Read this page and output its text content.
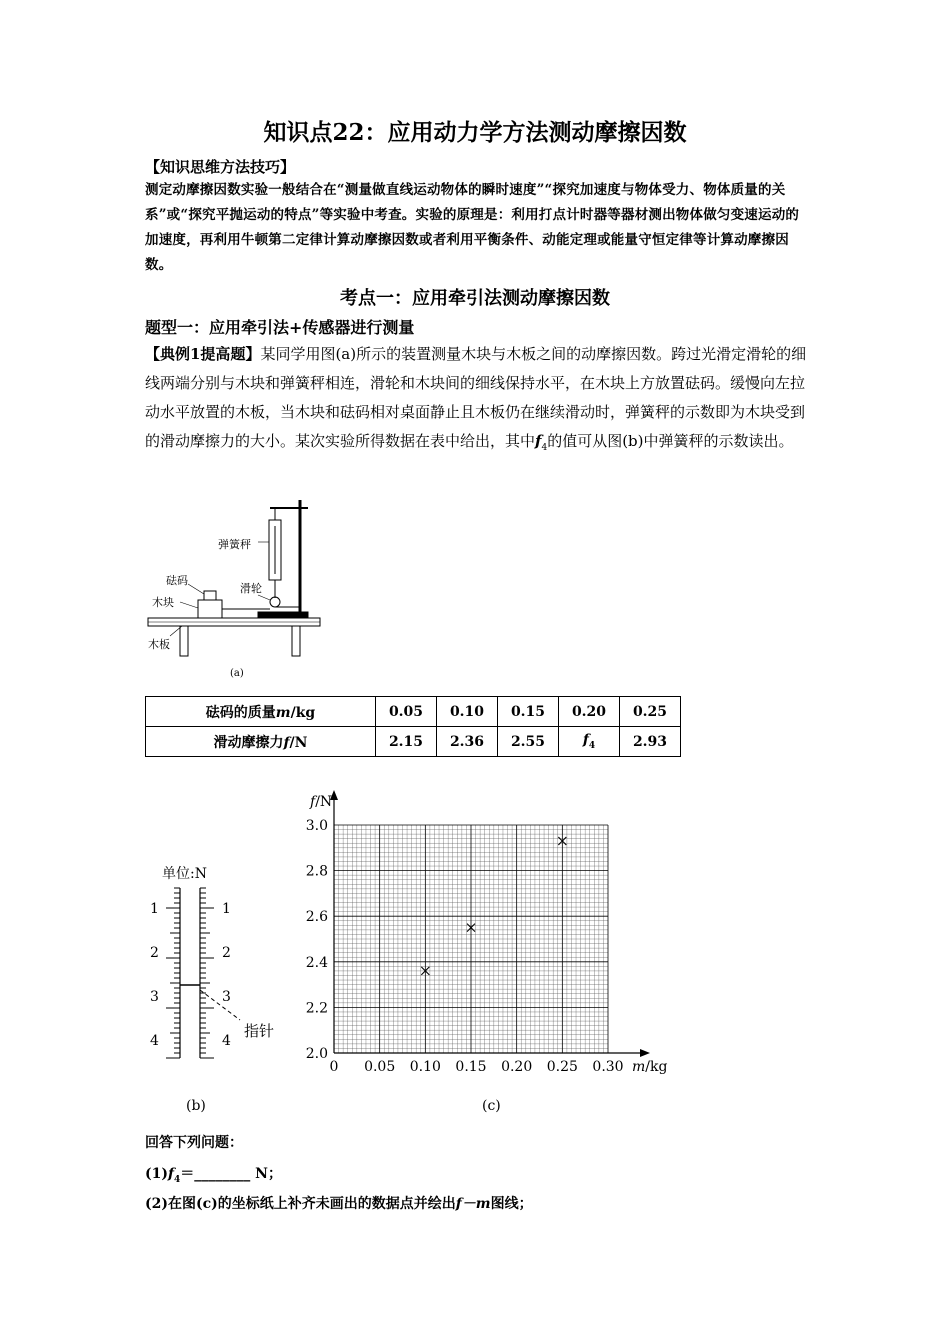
知识点22：应用动力学方法测动摩擦因数
【知识思维方法技巧】
测定动摩擦因数实验一般结合在“测量做直线运动物体的瞬时速度”“探究加速度与物体受力、物体质量的关系”或“探究平抛运动的特点”等实验中考查。实验的原理是：利用打点计时器等器材测出物体做匀变速运动的加速度，再利用牛顿第二定律计算动摩擦因数或者利用平衡条件、动能定理或能量守恒定律等计算动摩擦因数。
考点一：应用牵引法测动摩擦因数
题型一：应用牵引法+传感器进行测量
【典例1提高题】某同学用图(a)所示的装置测量木块与木板之间的动摩擦因数。跨过光滑定滑轮的细线两端分别与木块和弹簧秤相连，滑轮和木块间的细线保持水平，在木块上方放置砝码。缓慢向左拉动水平放置的木板，当木块和砝码相对桌面静止且木板仍在继续滑动时，弹簧秤的示数即为木块受到的滑动摩擦力的大小。某次实验所得数据在表中给出，其中$f_4$的值可从图(b)中弹簧秤的示数读出。
弹簧秤
砝码
滑轮
木块
木板
(a)
砝码的质量m/kg	0.05	0.10	0.15	0.20	0.25
滑动摩擦力f/N	2.15	2.36	2.55	$f_4$	2.93
单位:N
1
2
3
4
1
2
3
4
指针
(b)
f/N
m/kg
2.0
2.2
2.4
2.6
2.8
3.0
0 0.05 0.10 0.15 0.20 0.25 0.30
(c)
回答下列问题：
$(1)f_4=\_\_\_\_\_\_\_\_$ N；
(2)在图(c)的坐标纸上补齐未画出的数据点并绘出f－m图线；
